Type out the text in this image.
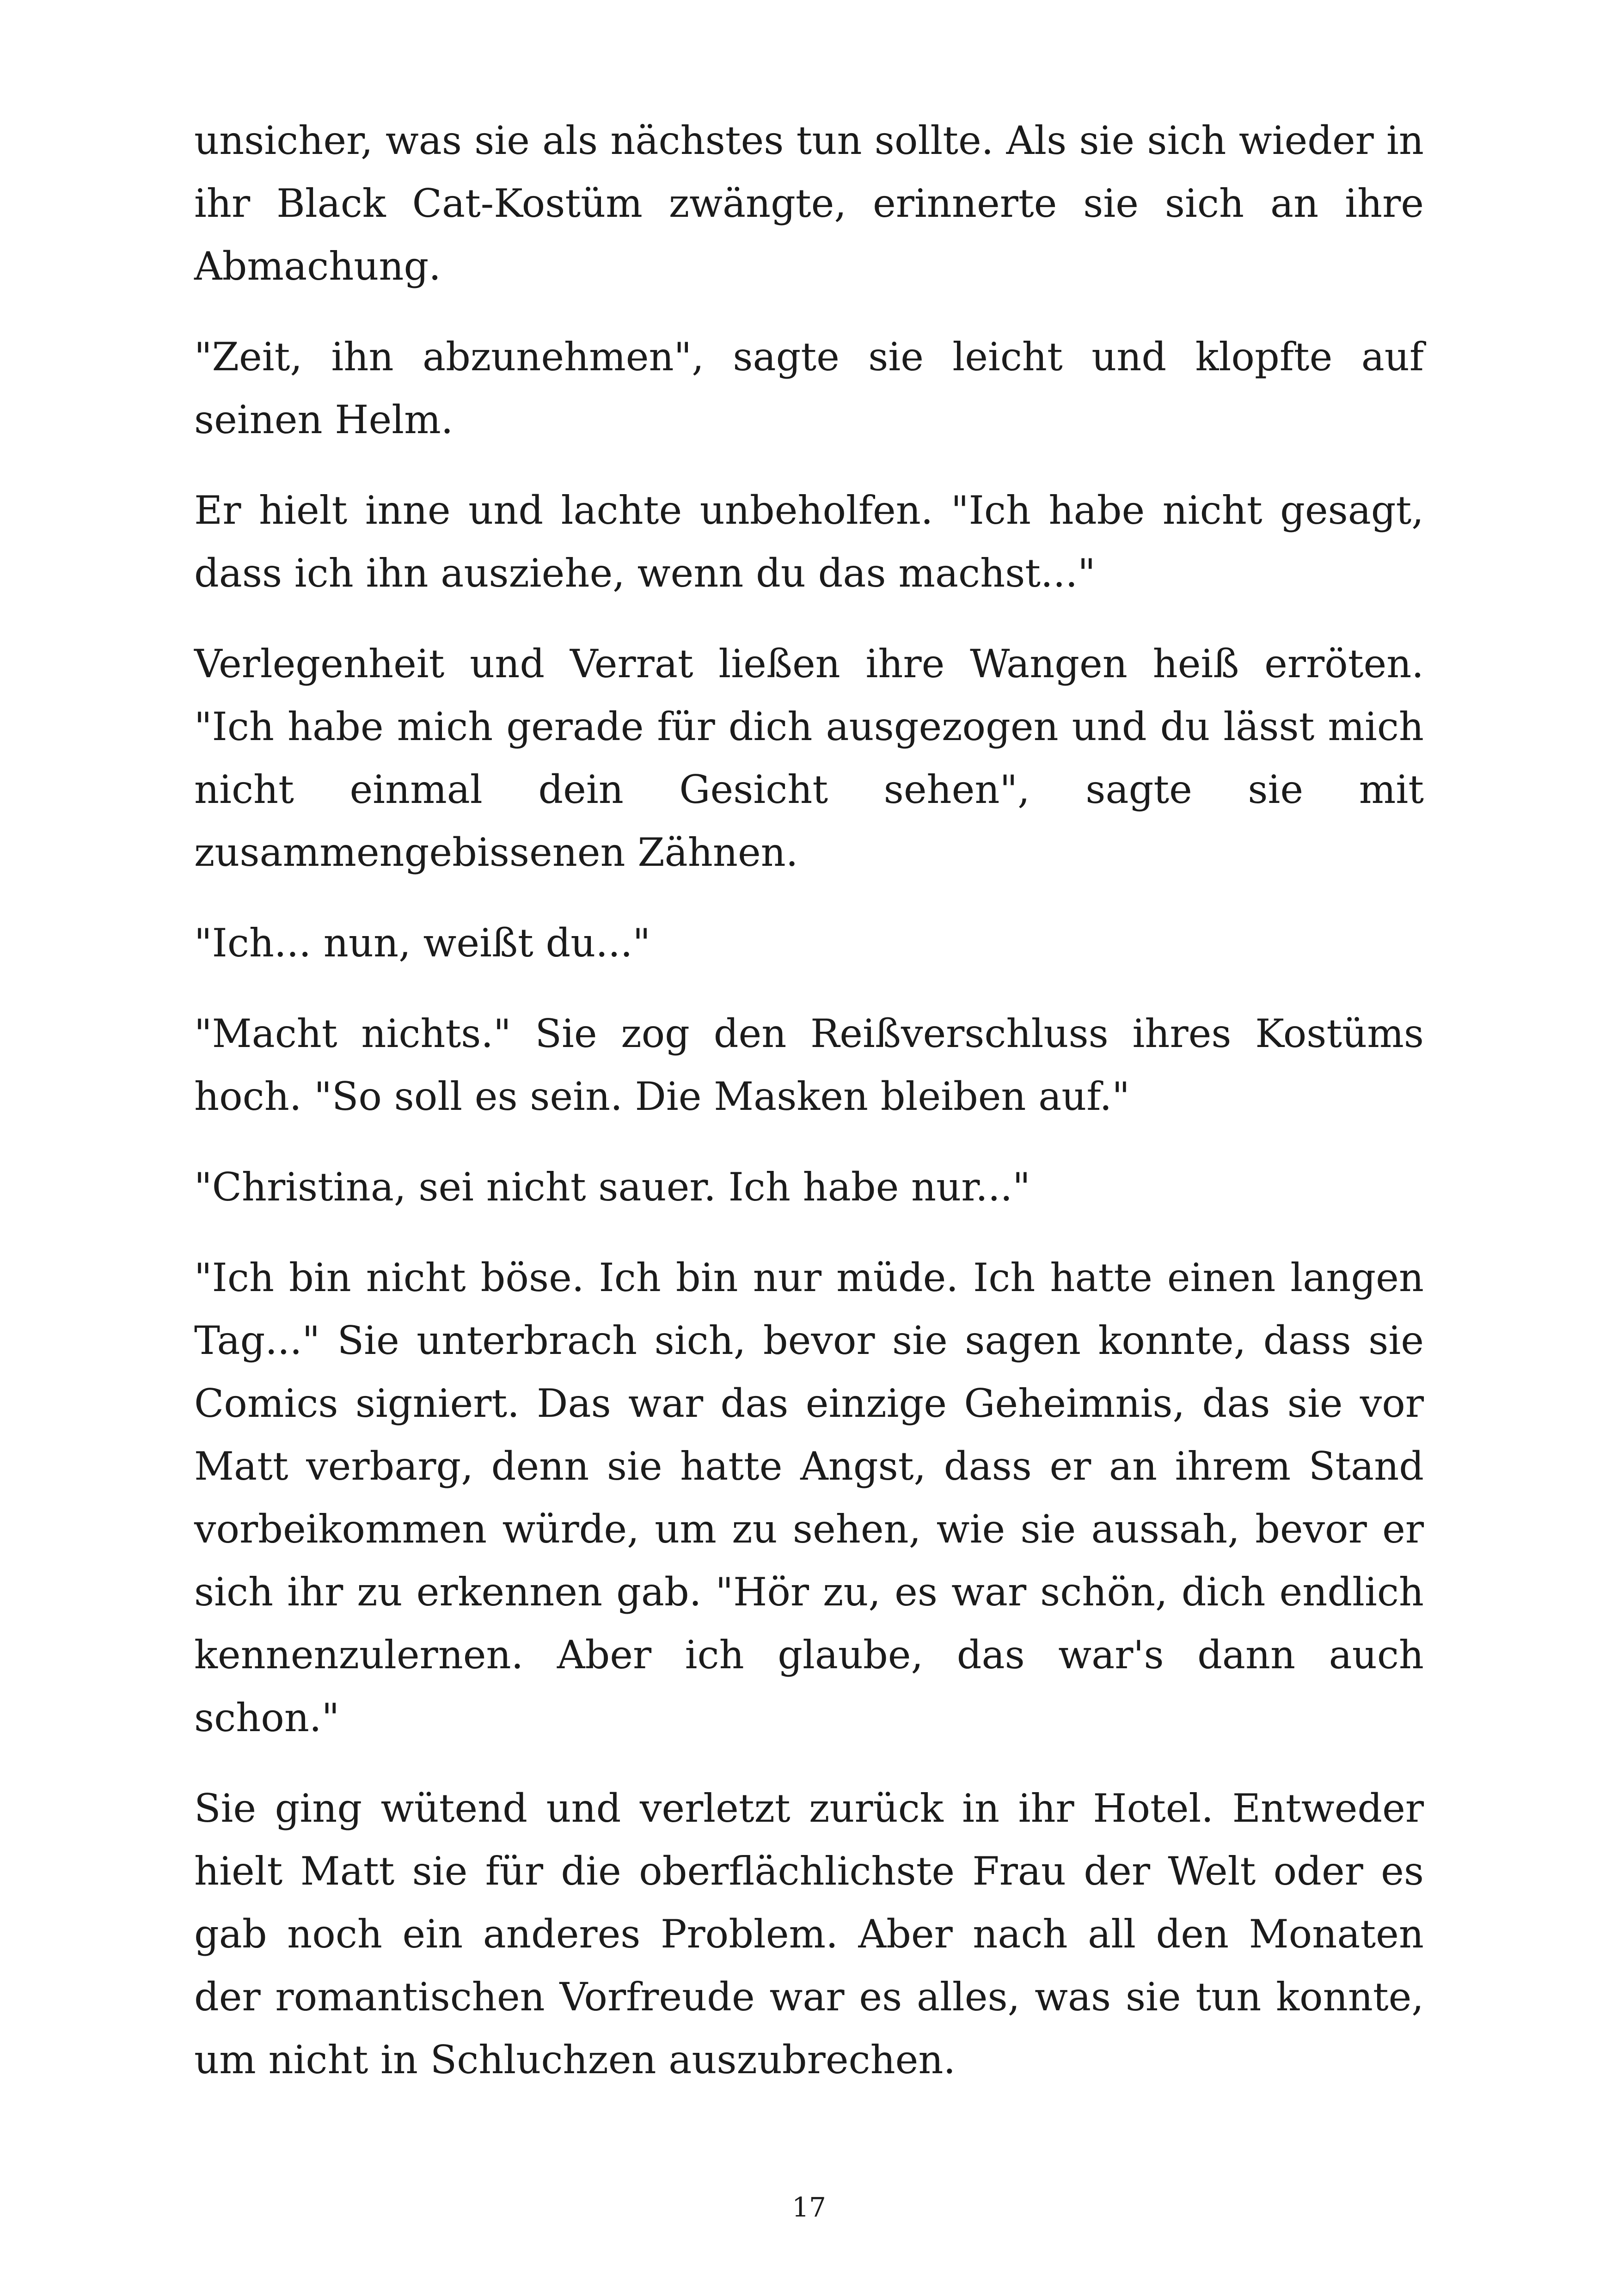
unsicher, was sie als nächstes tun sollte. Als sie sich wieder in ihr Black Cat-Kostüm zwängte, erinnerte sie sich an ihre Abmachung.

"Zeit, ihn abzunehmen", sagte sie leicht und klopfte auf seinen Helm.

Er hielt inne und lachte unbeholfen. "Ich habe nicht gesagt, dass ich ihn ausziehe, wenn du das machst..."

Verlegenheit und Verrat ließen ihre Wangen heiß erröten. "Ich habe mich gerade für dich ausgezogen und du lässt mich nicht einmal dein Gesicht sehen", sagte sie mit zusammengebissenen Zähnen.

"Ich... nun, weißt du..."

"Macht nichts." Sie zog den Reißverschluss ihres Kostüms hoch. "So soll es sein. Die Masken bleiben auf."

"Christina, sei nicht sauer. Ich habe nur..."

"Ich bin nicht böse. Ich bin nur müde. Ich hatte einen langen Tag..." Sie unterbrach sich, bevor sie sagen konnte, dass sie Comics signiert. Das war das einzige Geheimnis, das sie vor Matt verbarg, denn sie hatte Angst, dass er an ihrem Stand vorbeikommen würde, um zu sehen, wie sie aussah, bevor er sich ihr zu erkennen gab. "Hör zu, es war schön, dich endlich kennenzulernen. Aber ich glaube, das war's dann auch schon."

Sie ging wütend und verletzt zurück in ihr Hotel. Entweder hielt Matt sie für die oberflächlichste Frau der Welt oder es gab noch ein anderes Problem. Aber nach all den Monaten der romantischen Vorfreude war es alles, was sie tun konnte, um nicht in Schluchzen auszubrechen.

17
